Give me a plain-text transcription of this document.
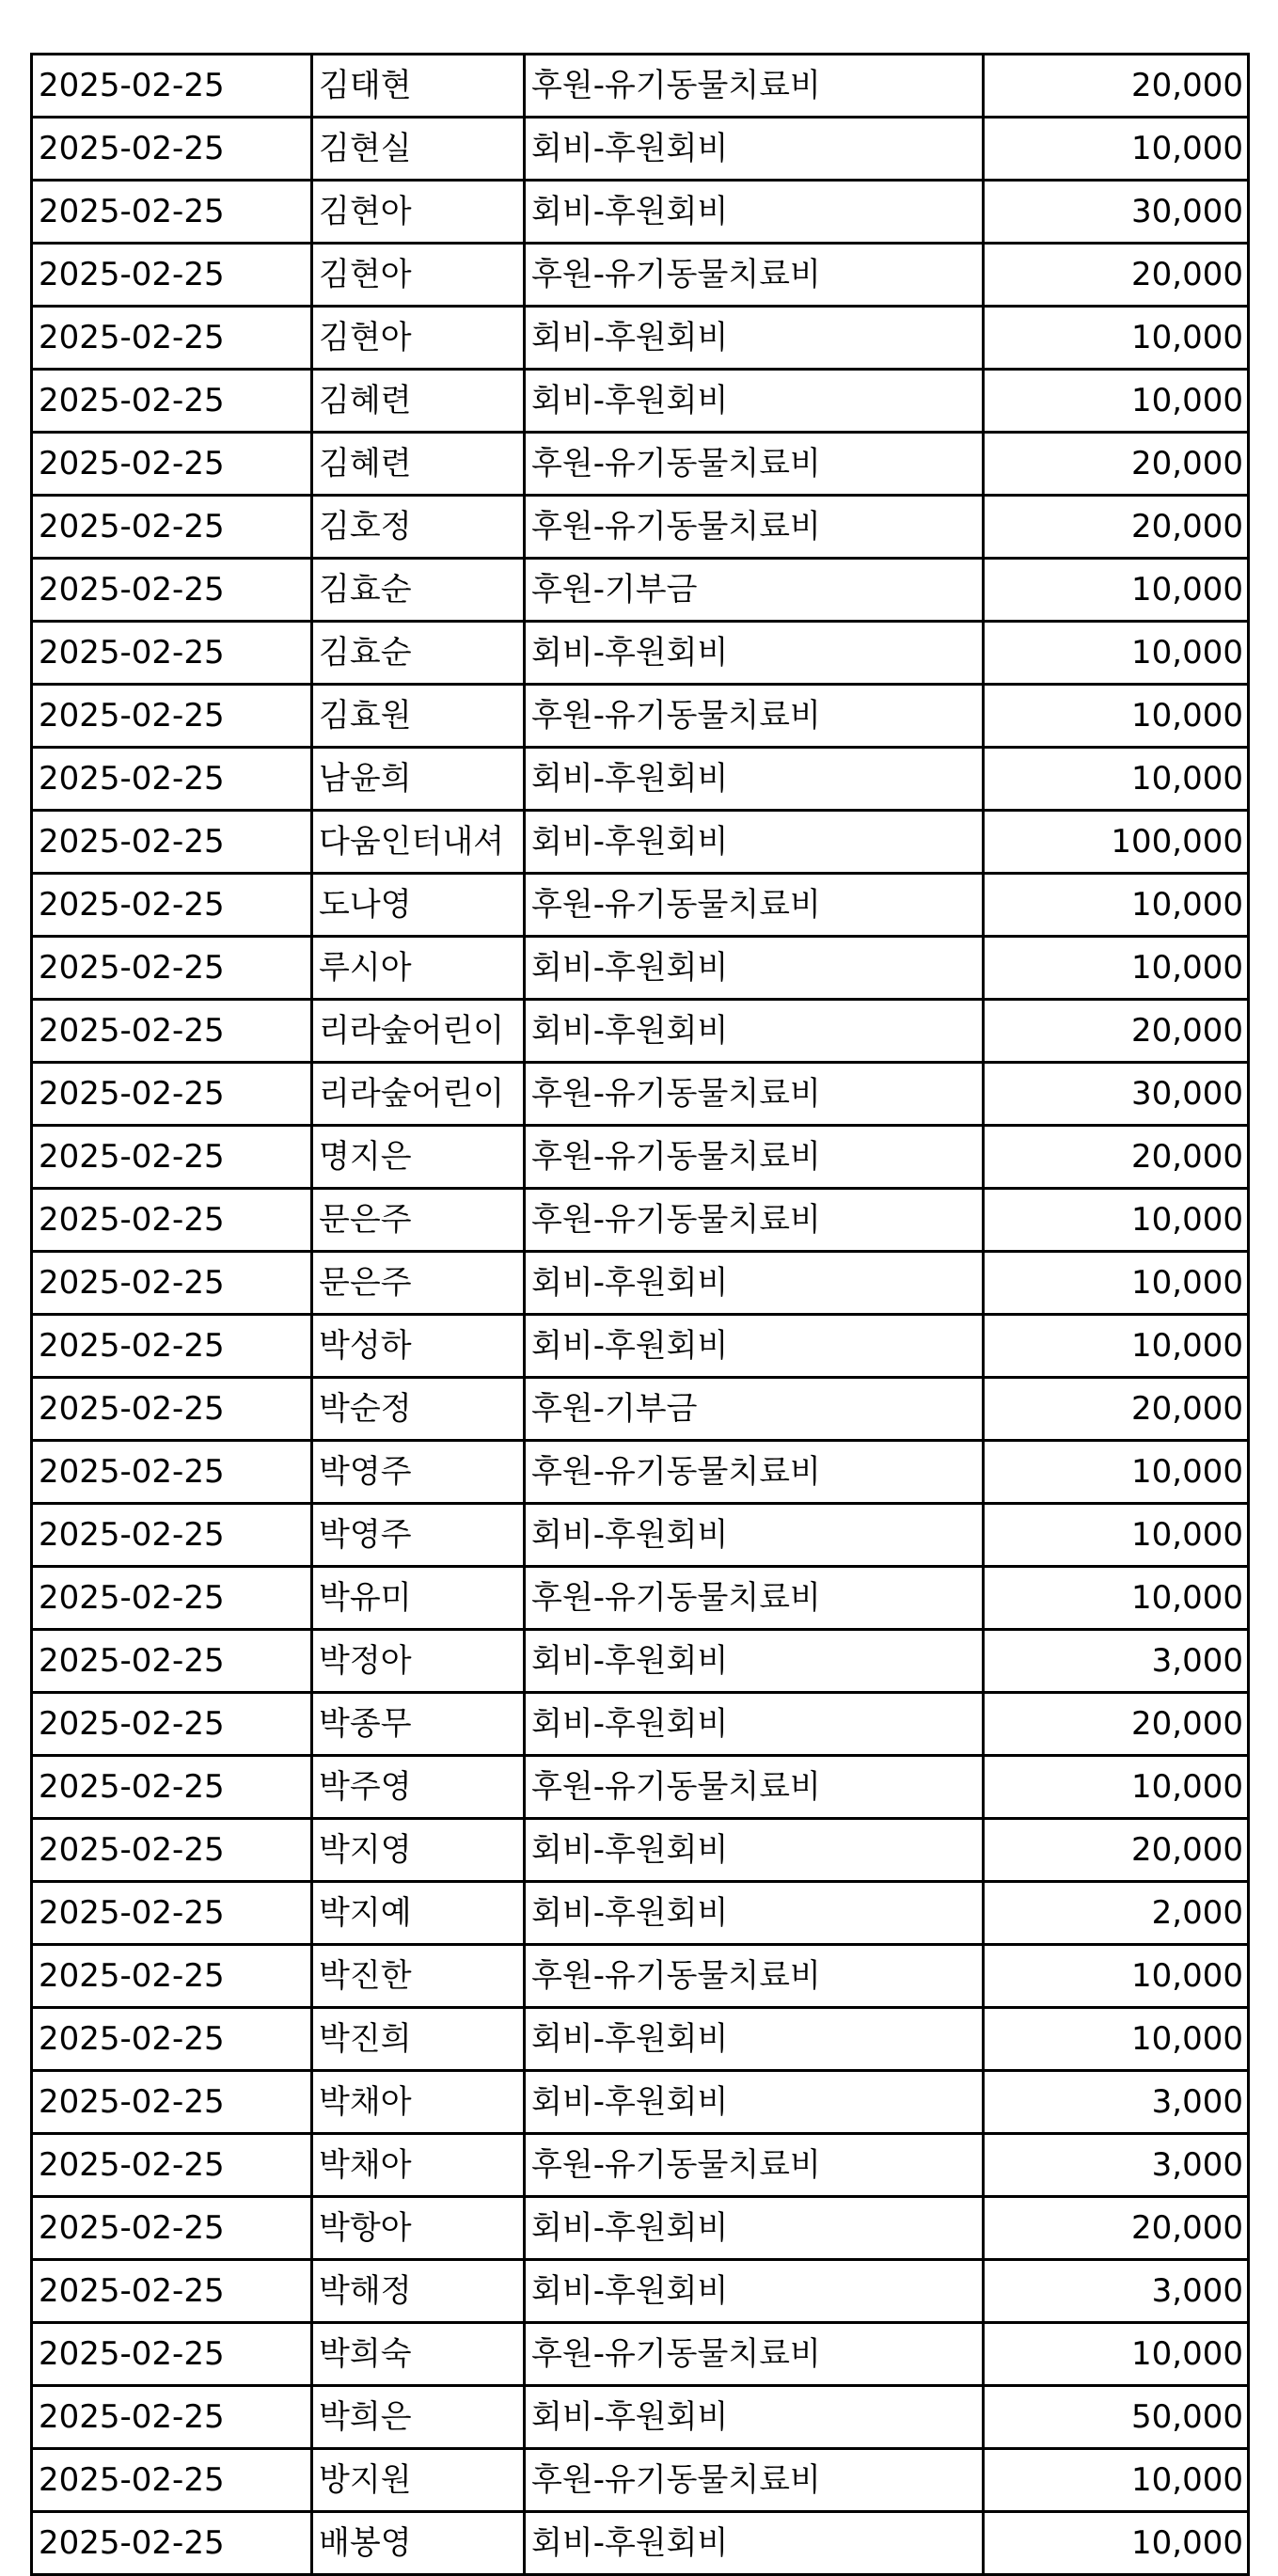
2025-02-25	김태현	후원-유기동물치료비	20,000
2025-02-25	김현실	회비-후원회비	10,000
2025-02-25	김현아	회비-후원회비	30,000
2025-02-25	김현아	후원-유기동물치료비	20,000
2025-02-25	김현아	회비-후원회비	10,000
2025-02-25	김혜련	회비-후원회비	10,000
2025-02-25	김혜련	후원-유기동물치료비	20,000
2025-02-25	김호정	후원-유기동물치료비	20,000
2025-02-25	김효순	후원-기부금	10,000
2025-02-25	김효순	회비-후원회비	10,000
2025-02-25	김효원	후원-유기동물치료비	10,000
2025-02-25	남윤희	회비-후원회비	10,000
2025-02-25	다움인터내셔	회비-후원회비	100,000
2025-02-25	도나영	후원-유기동물치료비	10,000
2025-02-25	루시아	회비-후원회비	10,000
2025-02-25	리라숲어린이	회비-후원회비	20,000
2025-02-25	리라숲어린이	후원-유기동물치료비	30,000
2025-02-25	명지은	후원-유기동물치료비	20,000
2025-02-25	문은주	후원-유기동물치료비	10,000
2025-02-25	문은주	회비-후원회비	10,000
2025-02-25	박성하	회비-후원회비	10,000
2025-02-25	박순정	후원-기부금	20,000
2025-02-25	박영주	후원-유기동물치료비	10,000
2025-02-25	박영주	회비-후원회비	10,000
2025-02-25	박유미	후원-유기동물치료비	10,000
2025-02-25	박정아	회비-후원회비	3,000
2025-02-25	박종무	회비-후원회비	20,000
2025-02-25	박주영	후원-유기동물치료비	10,000
2025-02-25	박지영	회비-후원회비	20,000
2025-02-25	박지예	회비-후원회비	2,000
2025-02-25	박진한	후원-유기동물치료비	10,000
2025-02-25	박진희	회비-후원회비	10,000
2025-02-25	박채아	회비-후원회비	3,000
2025-02-25	박채아	후원-유기동물치료비	3,000
2025-02-25	박항아	회비-후원회비	20,000
2025-02-25	박해정	회비-후원회비	3,000
2025-02-25	박희숙	후원-유기동물치료비	10,000
2025-02-25	박희은	회비-후원회비	50,000
2025-02-25	방지원	후원-유기동물치료비	10,000
2025-02-25	배봉영	회비-후원회비	10,000
